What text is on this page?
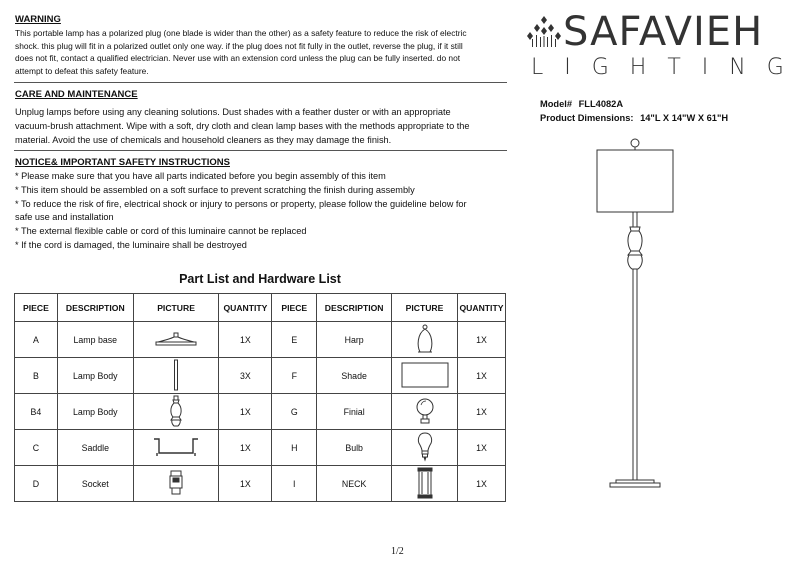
WARNING
This portable lamp has a polarized plug (one blade is wider than the other) as a safety feature to reduce the risk of electric
shock. this plug will fit in a polarized outlet only one way. if the plug does not fit fully in the outlet, reverse the plug, if it still
does not fit, contact a qualified electrician. Never use with an extension cord unless the plug can be fully inserted. do not
attempt to defeat this safety feature.
CARE AND MAINTENANCE
Unplug lamps before using any cleaning solutions. Dust shades with a feather duster or with an appropriate
vacuum-brush attachment. Wipe with a soft, dry cloth and clean lamp bases with the methods appropriate to the
material. Avoid the use of chemicals and household cleaners as they may damage the finish.
NOTICE& IMPORTANT SAFETY INSTRUCTIONS
* Please make sure that you have all parts indicated before you begin assembly of this item
* This item should be assembled on a soft surface to prevent scratching the finish during assembly
* To reduce the risk of fire, electrical shock or injury to persons or property, please follow the guideline below for
safe use and installation
* The external flexible cable or cord of this luminaire cannot be replaced
* If the cord is damaged, the luminaire shall be destroyed
SAFAVIEH
LIGHTING
Model# FLL4082A
Product Dimensions: 14"L X 14"W X 61"H
Part List and Hardware List
PIECE	DESCRIPTION	PICTURE	QUANTITY	PIECE	DESCRIPTION	PICTURE	QUANTITY
A	Lamp base		1X	E	Harp		1X
B	Lamp Body		3X	F	Shade		1X
B4	Lamp Body		1X	G	Finial		1X
C	Saddle		1X	H	Bulb		1X
D	Socket		1X	I	NECK		1X
1/2
